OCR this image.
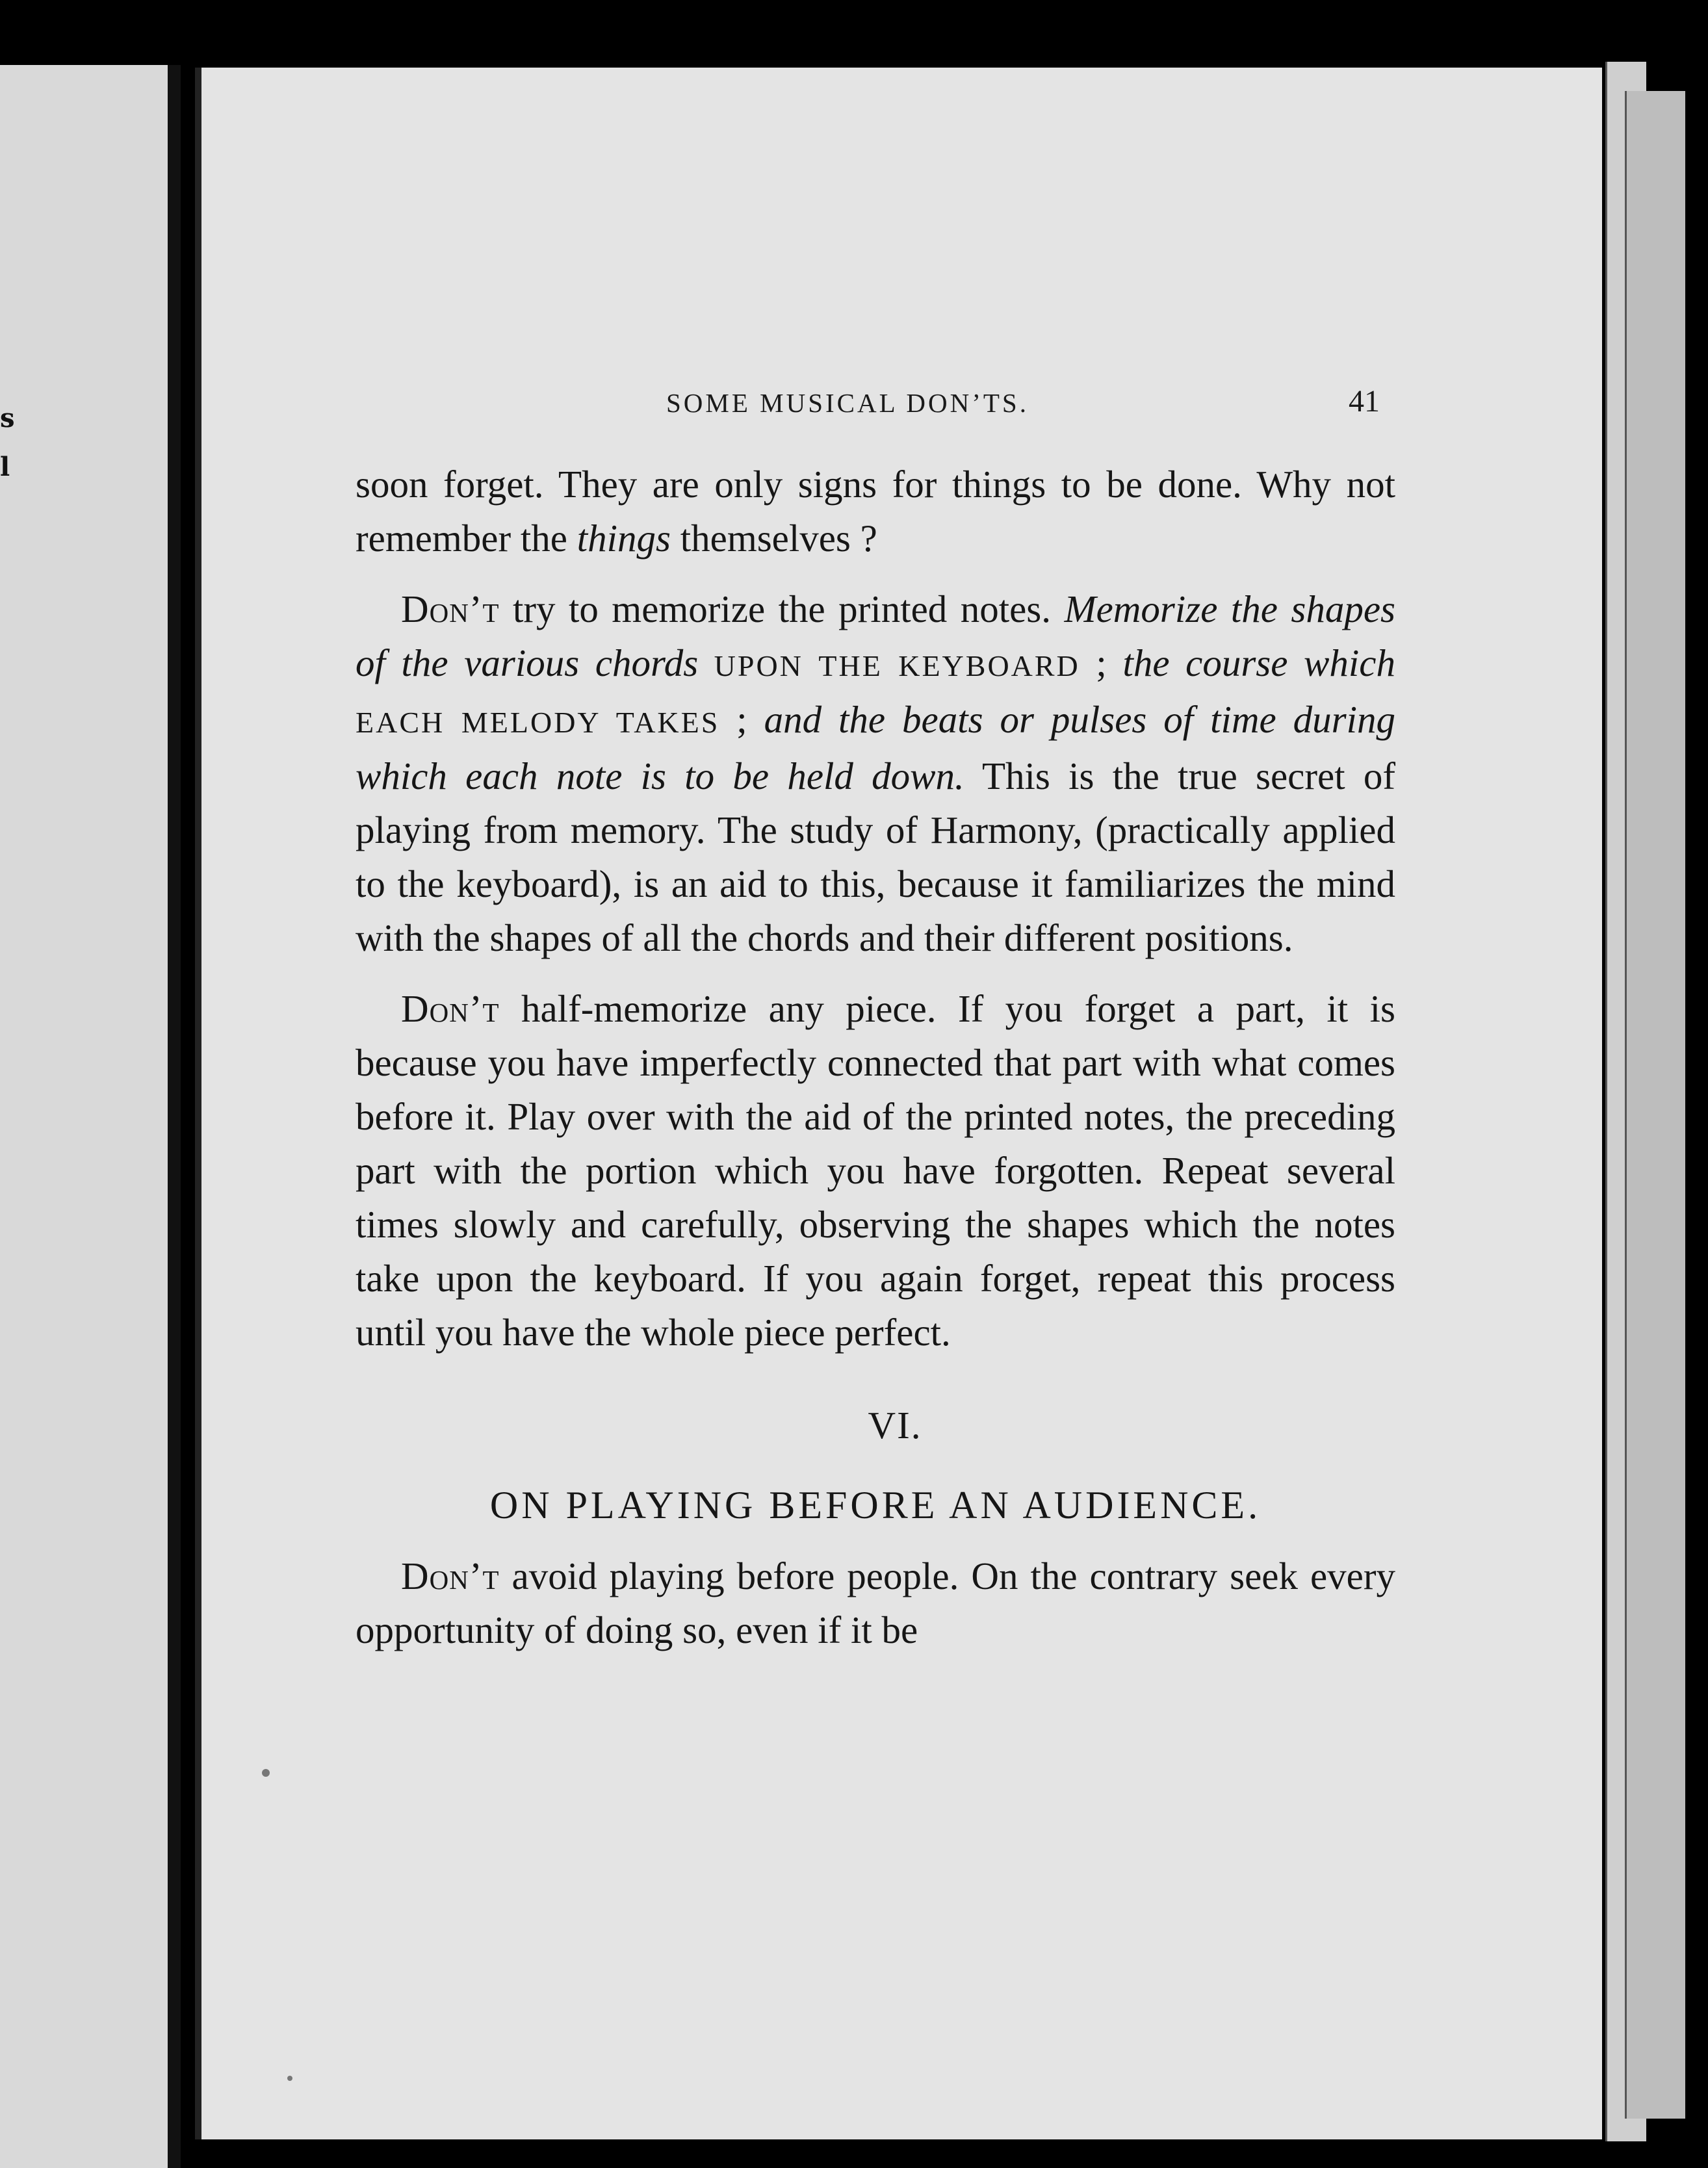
s
l
SOME MUSICAL DON’TS.	41

soon forget. They are only signs for things to be done. Why not remember the things themselves ?

Don’t try to memorize the printed notes. Memorize the shapes of the various chords UPON THE KEYBOARD ; the course which EACH MELODY TAKES ; and the beats or pulses of time during which each note is to be held down. This is the true secret of playing from memory. The study of Harmony, (practically applied to the keyboard), is an aid to this, because it familiarizes the mind with the shapes of all the chords and their different positions.

Don’t half-memorize any piece. If you forget a part, it is because you have imperfectly connected that part with what comes before it. Play over with the aid of the printed notes, the preceding part with the portion which you have forgotten. Repeat several times slowly and carefully, observing the shapes which the notes take upon the keyboard. If you again forget, repeat this process until you have the whole piece perfect.

VI.
ON PLAYING BEFORE AN AUDIENCE.

Don’t avoid playing before people. On the contrary seek every opportunity of doing so, even if it be
